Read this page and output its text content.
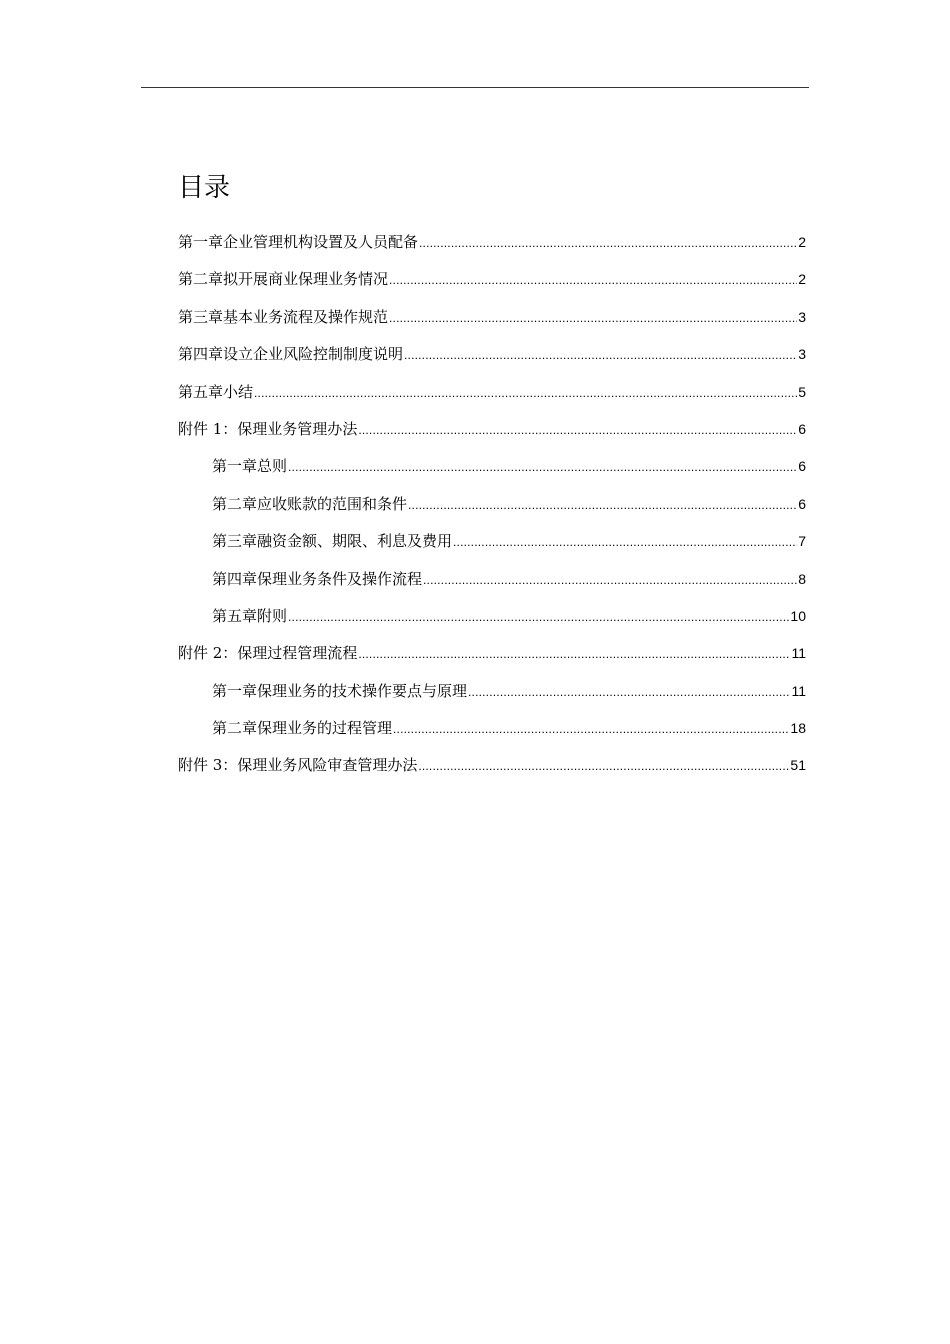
目录
第一章企业管理机构设置及人员配备 .....	2
第二章拟开展商业保理业务情况 .....	2
第三章基本业务流程及操作规范 .....	3
第四章设立企业风险控制制度说明 .....	3
第五章小结 .....	5
附件 1：保理业务管理办法 .....	6
第一章总则 .....	6
第二章应收账款的范围和条件 .....	6
第三章融资金额、期限、利息及费用 .....	7
第四章保理业务条件及操作流程 .....	8
第五章附则 .....	10
附件 2：保理过程管理流程 .....	11
第一章保理业务的技术操作要点与原理 .....	11
第二章保理业务的过程管理 .....	18
附件 3：保理业务风险审查管理办法 .....	51
